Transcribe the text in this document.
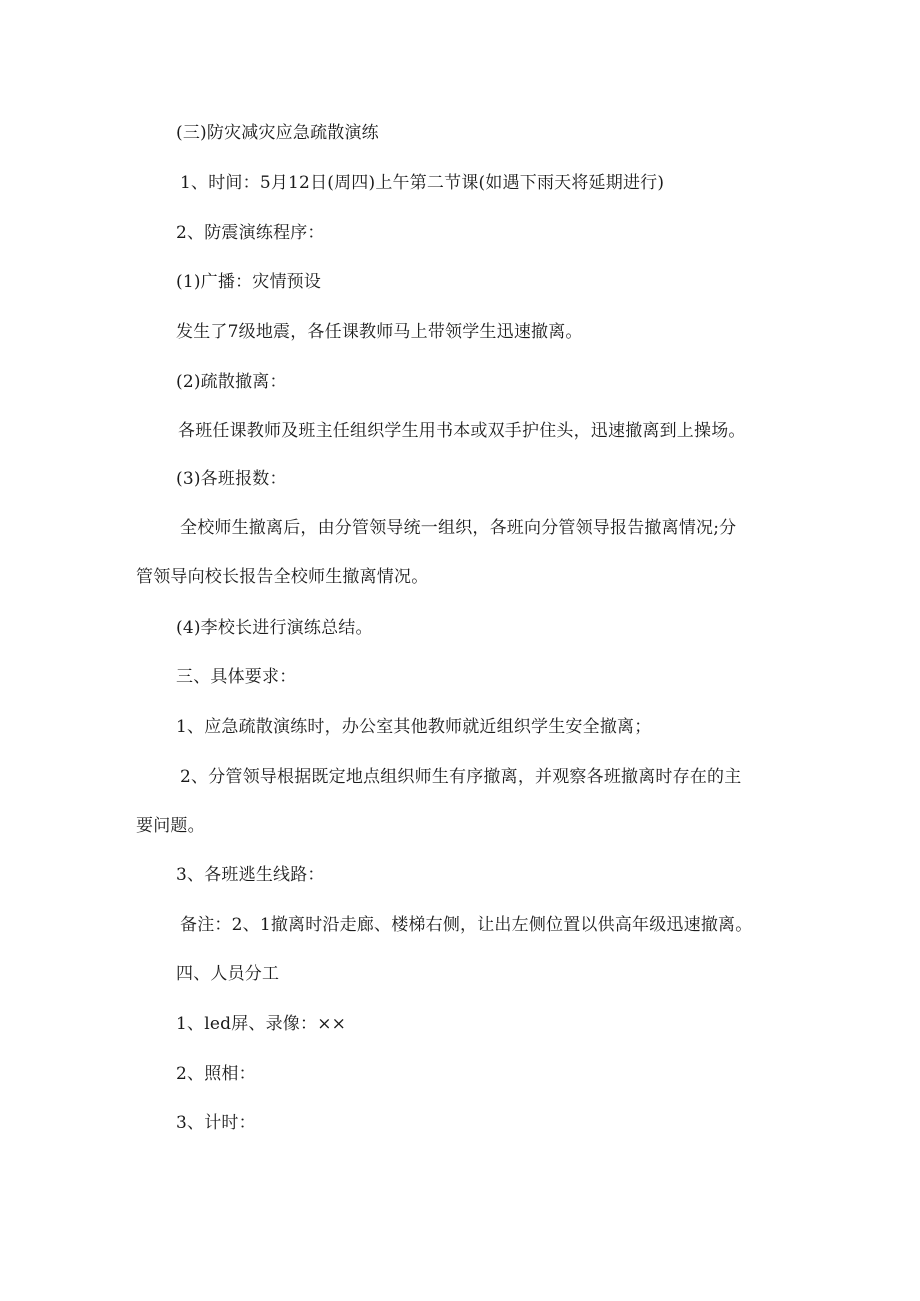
(三)防灾减灾应急疏散演练
1、时间：5月12日(周四)上午第二节课(如遇下雨天将延期进行)
2、防震演练程序：
(1)广播：灾情预设
发生了7级地震，各任课教师马上带领学生迅速撤离。
(2)疏散撤离：
各班任课教师及班主任组织学生用书本或双手护住头，迅速撤离到上操场。
(3)各班报数：
全校师生撤离后，由分管领导统一组织，各班向分管领导报告撤离情况;分
管领导向校长报告全校师生撤离情况。
(4)李校长进行演练总结。
三、具体要求：
1、应急疏散演练时，办公室其他教师就近组织学生安全撤离；
2、分管领导根据既定地点组织师生有序撤离，并观察各班撤离时存在的主
要问题。
3、各班逃生线路：
备注：2、1撤离时沿走廊、楼梯右侧，让出左侧位置以供高年级迅速撤离。
四、人员分工
1、led屏、录像：××
2、照相：
3、计时：
